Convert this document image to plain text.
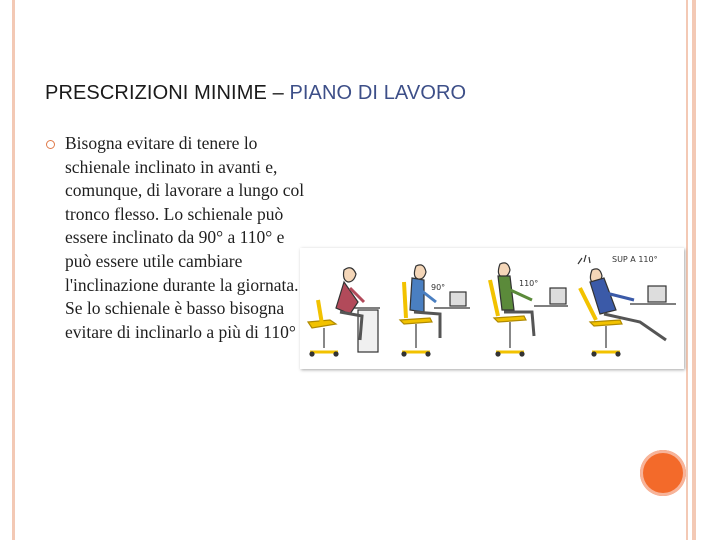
PRESCRIZIONI MINIME – PIANO DI LAVORO

Bisogna evitare di tenere lo schienale inclinato in avanti e, comunque, di lavorare a lungo col tronco flesso. Lo schienale può essere inclinato da 90° a 110° e può essere utile cambiare l'inclinazione durante la giornata. Se lo schienale è basso bisogna evitare di inclinarlo a più di 110°

90°	110°
SUP A 110°
